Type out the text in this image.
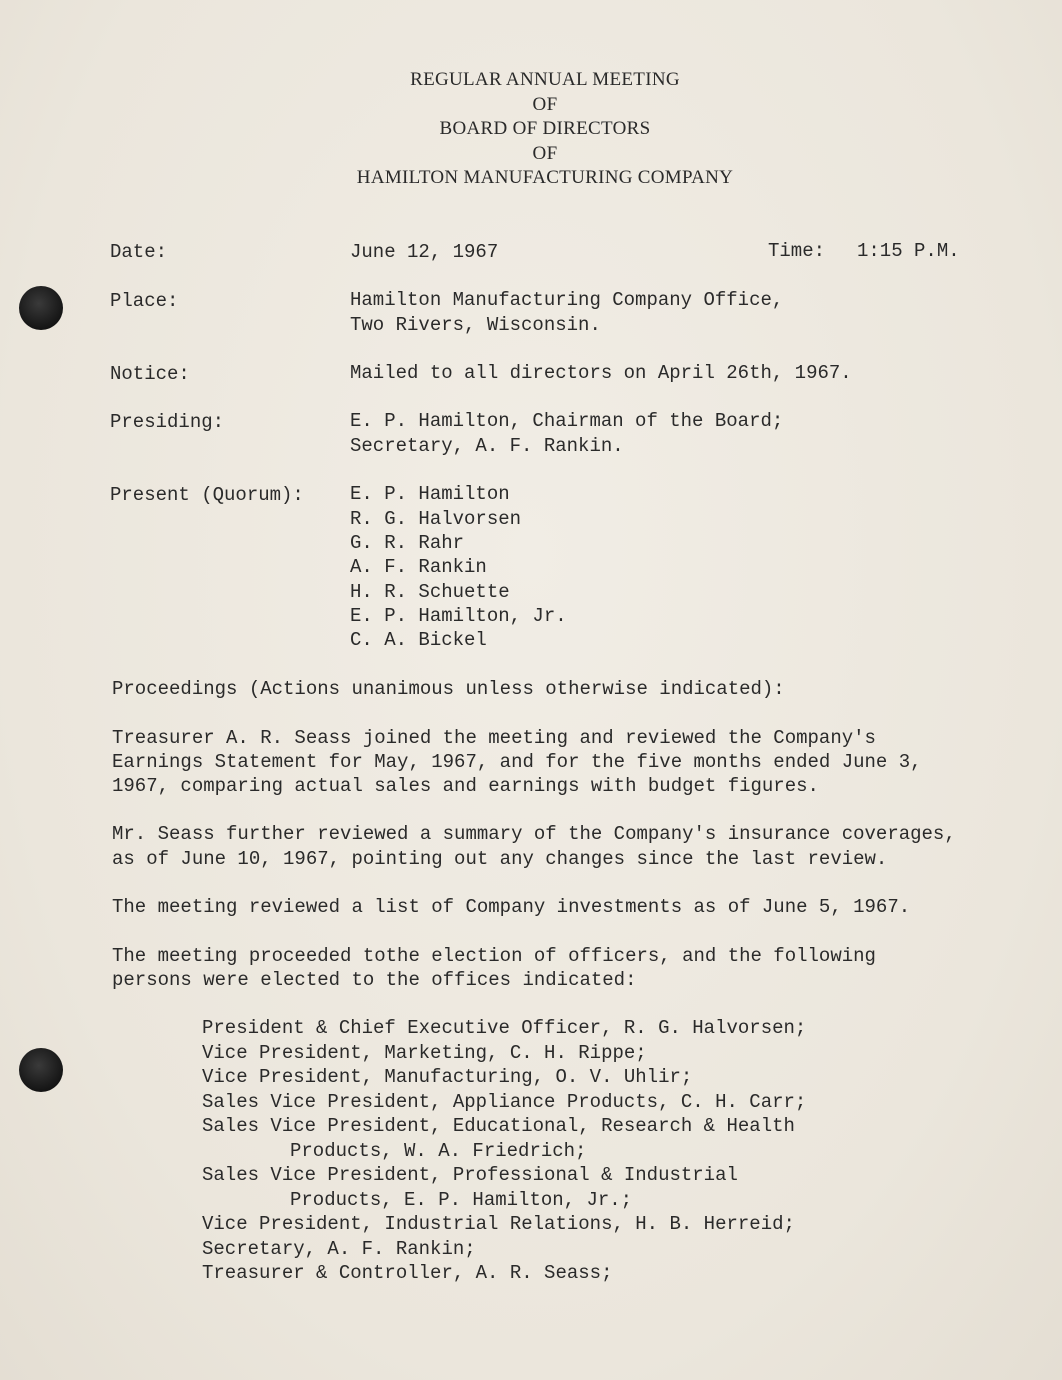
REGULAR ANNUAL MEETING
OF
BOARD OF DIRECTORS
OF
HAMILTON MANUFACTURING COMPANY
Date:	June 12, 1967	Time: 1:15 P.M.
Place:	Hamilton Manufacturing Company Office,
Two Rivers, Wisconsin.
Notice:	Mailed to all directors on April 26th, 1967.
Presiding:	E. P. Hamilton, Chairman of the Board;
Secretary, A. F. Rankin.
Present (Quorum): E. P. Hamilton
R. G. Halvorsen
G. R. Rahr
A. F. Rankin
H. R. Schuette
E. P. Hamilton, Jr.
C. A. Bickel
Proceedings (Actions unanimous unless otherwise indicated):
Treasurer A. R. Seass joined the meeting and reviewed the Company's
Earnings Statement for May, 1967, and for the five months ended June 3,
1967, comparing actual sales and earnings with budget figures.
Mr. Seass further reviewed a summary of the Company's insurance coverages,
as of June 10, 1967, pointing out any changes since the last review.
The meeting reviewed a list of Company investments as of June 5, 1967.
The meeting proceeded tothe election of officers, and the following
persons were elected to the offices indicated:
President & Chief Executive Officer, R. G. Halvorsen;
Vice President, Marketing, C. H. Rippe;
Vice President, Manufacturing, O. V. Uhlir;
Sales Vice President, Appliance Products, C. H. Carr;
Sales Vice President, Educational, Research & Health
Products, W. A. Friedrich;
Sales Vice President, Professional & Industrial
Products, E. P. Hamilton, Jr.;
Vice President, Industrial Relations, H. B. Herreid;
Secretary, A. F. Rankin;
Treasurer & Controller, A. R. Seass;
